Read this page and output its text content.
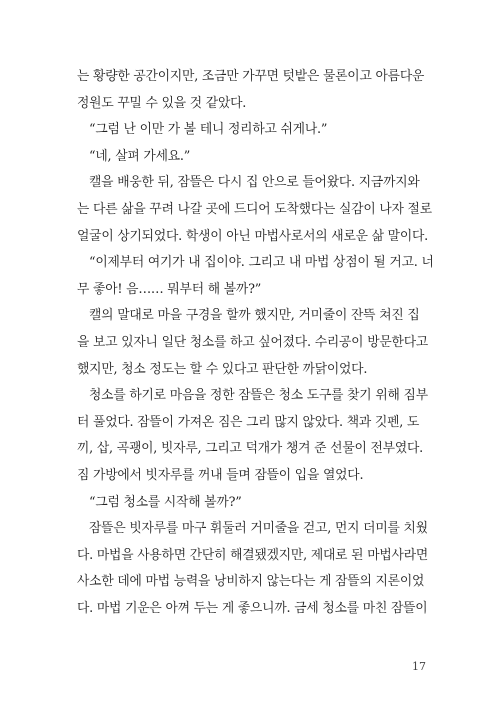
는 황량한 공간이지만, 조금만 가꾸면 텃밭은 물론이고 아름다운
정원도 꾸밀 수 있을 것 같았다.
“그럼 난 이만 가 볼 테니 정리하고 쉬게나.”
“네, 살펴 가세요.”
캘을 배웅한 뒤, 잠뜰은 다시 집 안으로 들어왔다. 지금까지와
는 다른 삶을 꾸려 나갈 곳에 드디어 도착했다는 실감이 나자 절로
얼굴이 상기되었다. 학생이 아닌 마법사로서의 새로운 삶 말이다.
“이제부터 여기가 내 집이야. 그리고 내 마법 상점이 될 거고. 너
무 좋아! 음…… 뭐부터 해 볼까?”
캘의 말대로 마을 구경을 할까 했지만, 거미줄이 잔뜩 쳐진 집
을 보고 있자니 일단 청소를 하고 싶어졌다. 수리공이 방문한다고
했지만, 청소 정도는 할 수 있다고 판단한 까닭이었다.
청소를 하기로 마음을 정한 잠뜰은 청소 도구를 찾기 위해 짐부
터 풀었다. 잠뜰이 가져온 짐은 그리 많지 않았다. 책과 깃펜, 도
끼, 삽, 곡괭이, 빗자루, 그리고 덕개가 챙겨 준 선물이 전부였다.
짐 가방에서 빗자루를 꺼내 들며 잠뜰이 입을 열었다.
“그럼 청소를 시작해 볼까?”
잠뜰은 빗자루를 마구 휘둘러 거미줄을 걷고, 먼지 더미를 치웠
다. 마법을 사용하면 간단히 해결됐겠지만, 제대로 된 마법사라면
사소한 데에 마법 능력을 낭비하지 않는다는 게 잠뜰의 지론이었
다. 마법 기운은 아껴 두는 게 좋으니까. 금세 청소를 마친 잠뜰이
17
